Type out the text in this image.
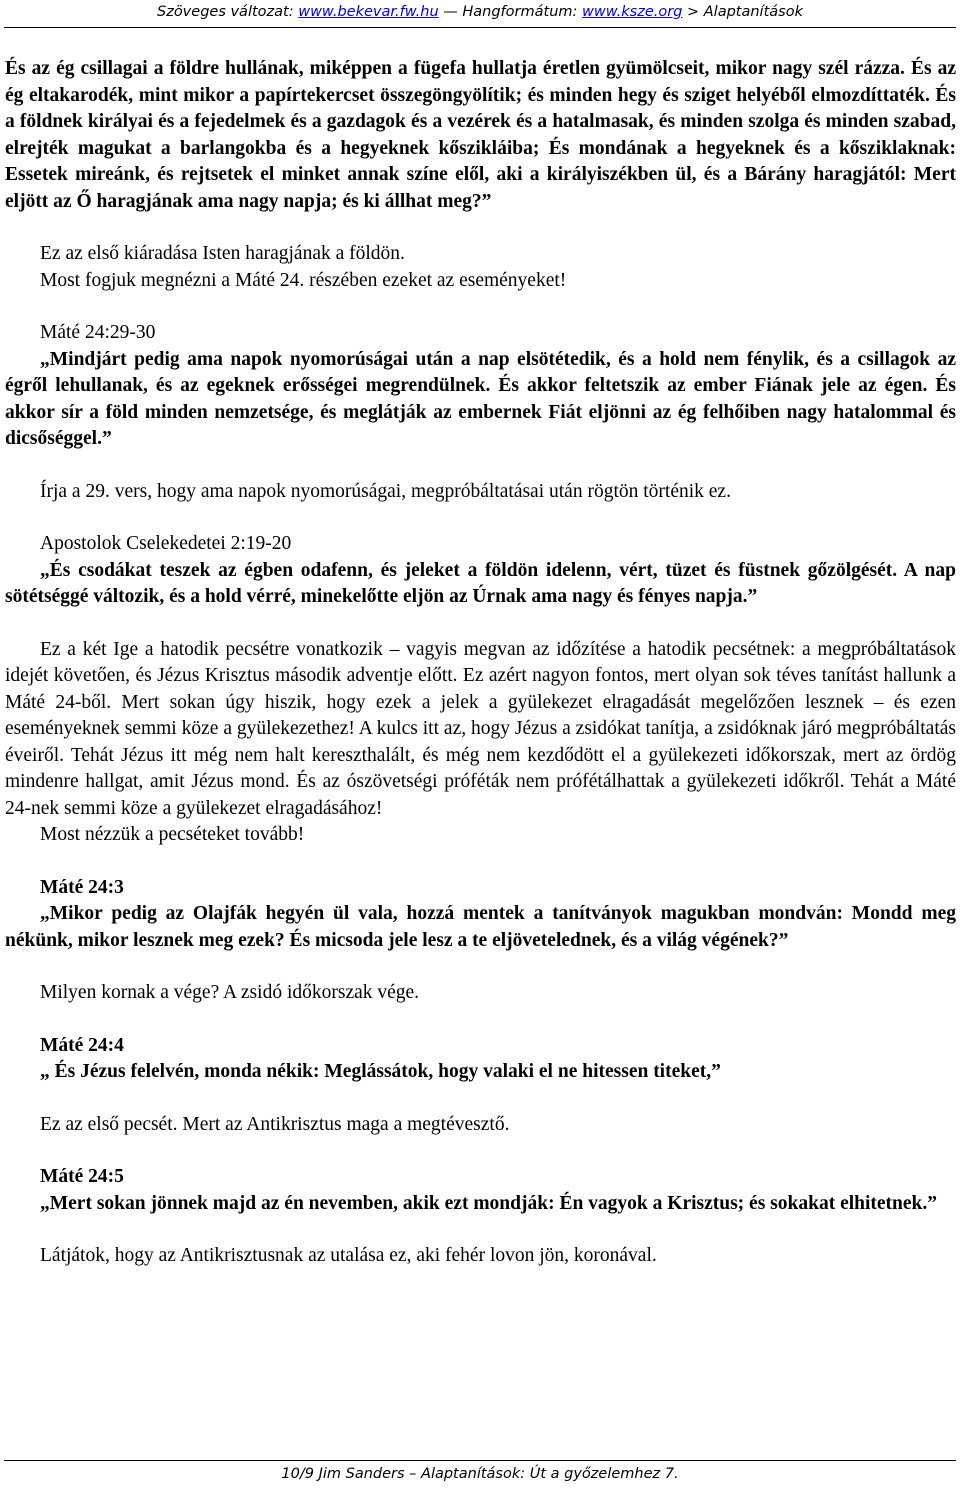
Szöveges változat: www.bekevar.fw.hu — Hangformátum: www.ksze.org > Alaptanítások

És az ég csillagai a földre hullának, miképpen a fügefa hullatja éretlen gyümölcseit, mikor nagy szél rázza. És az ég eltakarodék, mint mikor a papírtekercset összegöngyölítik; és minden hegy és sziget helyéből elmozdíttaték. És a földnek királyai és a fejedelmek és a gazdagok és a vezérek és a hatalmasak, és minden szolga és minden szabad, elrejték magukat a barlangokba és a hegyeknek kőszikláiba; És mondának a hegyeknek és a kősziklaknak: Essetek mireánk, és rejtsetek el minket annak színe elől, aki a királyiszékben ül, és a Bárány haragjától: Mert eljött az Ő haragjának ama nagy napja; és ki állhat meg?”

Ez az első kiáradása Isten haragjának a földön.

Most fogjuk megnézni a Máté 24. részében ezeket az eseményeket!

Máté 24:29-30

„Mindjárt pedig ama napok nyomorúságai után a nap elsötétedik, és a hold nem fénylik, és a csillagok az égről lehullanak, és az egeknek erősségei megrendülnek. És akkor feltetszik az ember Fiának jele az égen. És akkor sír a föld minden nemzetsége, és meglátják az embernek Fiát eljönni az ég felhőiben nagy hatalommal és dicsőséggel.”

Írja a 29. vers, hogy ama napok nyomorúságai, megpróbáltatásai után rögtön történik ez.

Apostolok Cselekedetei 2:19-20

„És csodákat teszek az égben odafenn, és jeleket a földön idelenn, vért, tüzet és füstnek gőzölgését. A nap sötétséggé változik, és a hold vérré, minekelőtte eljön az Úrnak ama nagy és fényes napja.”

Ez a két Ige a hatodik pecsétre vonatkozik – vagyis megvan az időzítése a hatodik pecsétnek: a megpróbáltatások idejét követően, és Jézus Krisztus második adventje előtt. Ez azért nagyon fontos, mert olyan sok téves tanítást hallunk a Máté 24-ből. Mert sokan úgy hiszik, hogy ezek a jelek a gyülekezet elragadását megelőzően lesznek – és ezen eseményeknek semmi köze a gyülekezethez! A kulcs itt az, hogy Jézus a zsidókat tanítja, a zsidóknak járó megpróbáltatás éveiről. Tehát Jézus itt még nem halt kereszthalált, és még nem kezdődött el a gyülekezeti időkorszak, mert az ördög mindenre hallgat, amit Jézus mond. És az ószövetségi próféták nem prófétálhattak a gyülekezeti időkről. Tehát a Máté 24-nek semmi köze a gyülekezet elragadásához!

Most nézzük a pecséteket tovább!

Máté 24:3

„Mikor pedig az Olajfák hegyén ül vala, hozzá mentek a tanítványok magukban mondván: Mondd meg nékünk, mikor lesznek meg ezek? És micsoda jele lesz a te eljövetelednek, és a világ végének?”

Milyen kornak a vége? A zsidó időkorszak vége.

Máté 24:4

„ És Jézus felelvén, monda nékik: Meglássátok, hogy valaki el ne hitessen titeket,”

Ez az első pecsét. Mert az Antikrisztus maga a megtévesztő.

Máté 24:5

„Mert sokan jönnek majd az én nevemben, akik ezt mondják: Én vagyok a Krisztus; és sokakat elhitetnek.”

Látjátok, hogy az Antikrisztusnak az utalása ez, aki fehér lovon jön, koronával.

10/9 Jim Sanders – Alaptanítások: Út a győzelemhez 7.
